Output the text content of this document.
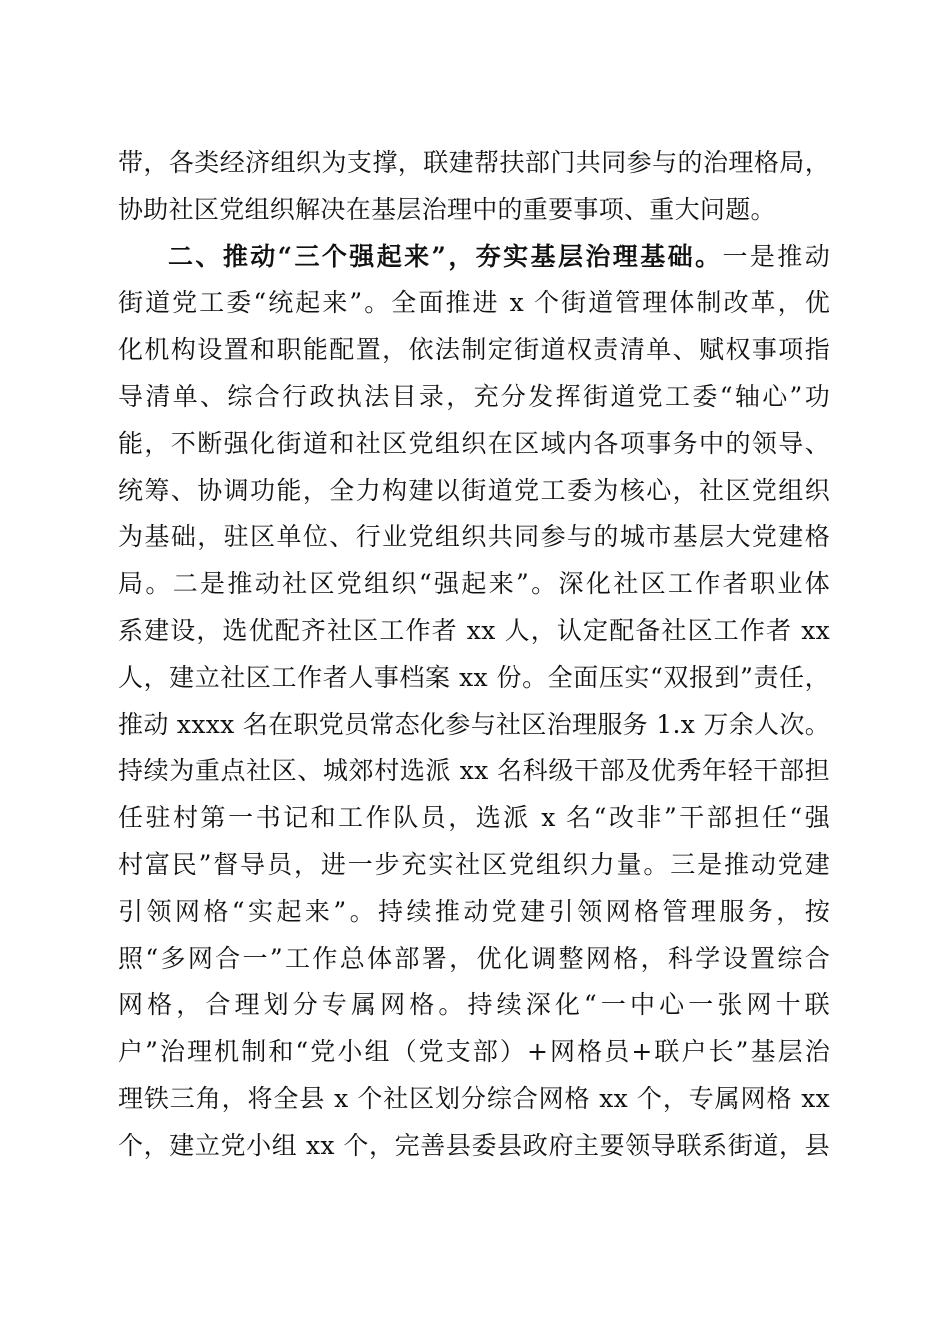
带，各类经济组织为支撑，联建帮扶部门共同参与的治理格局，
协助社区党组织解决在基层治理中的重要事项、重大问题。
二、推动“三个强起来”，夯实基层治理基础。一是推动
街道党工委“统起来”。全面推进 x 个街道管理体制改革，优
化机构设置和职能配置，依法制定街道权责清单、赋权事项指
导清单、综合行政执法目录，充分发挥街道党工委“轴心”功
能，不断强化街道和社区党组织在区域内各项事务中的领导、
统筹、协调功能，全力构建以街道党工委为核心，社区党组织
为基础，驻区单位、行业党组织共同参与的城市基层大党建格
局。二是推动社区党组织“强起来”。深化社区工作者职业体
系建设，选优配齐社区工作者 xx 人，认定配备社区工作者 xx
人，建立社区工作者人事档案 xx 份。全面压实“双报到”责任，
推动 xxxx 名在职党员常态化参与社区治理服务 1.x 万余人次。
持续为重点社区、城郊村选派 xx 名科级干部及优秀年轻干部担
任驻村第一书记和工作队员，选派 x 名“改非”干部担任“强
村富民”督导员，进一步充实社区党组织力量。三是推动党建
引领网格“实起来”。持续推动党建引领网格管理服务，按
照“多网合一”工作总体部署，优化调整网格，科学设置综合
网格，合理划分专属网格。持续深化“一中心一张网十联
户”治理机制和“党小组（党支部）+网格员+联户长”基层治
理铁三角，将全县 x 个社区划分综合网格 xx 个，专属网格 xx
个，建立党小组 xx 个，完善县委县政府主要领导联系街道，县
